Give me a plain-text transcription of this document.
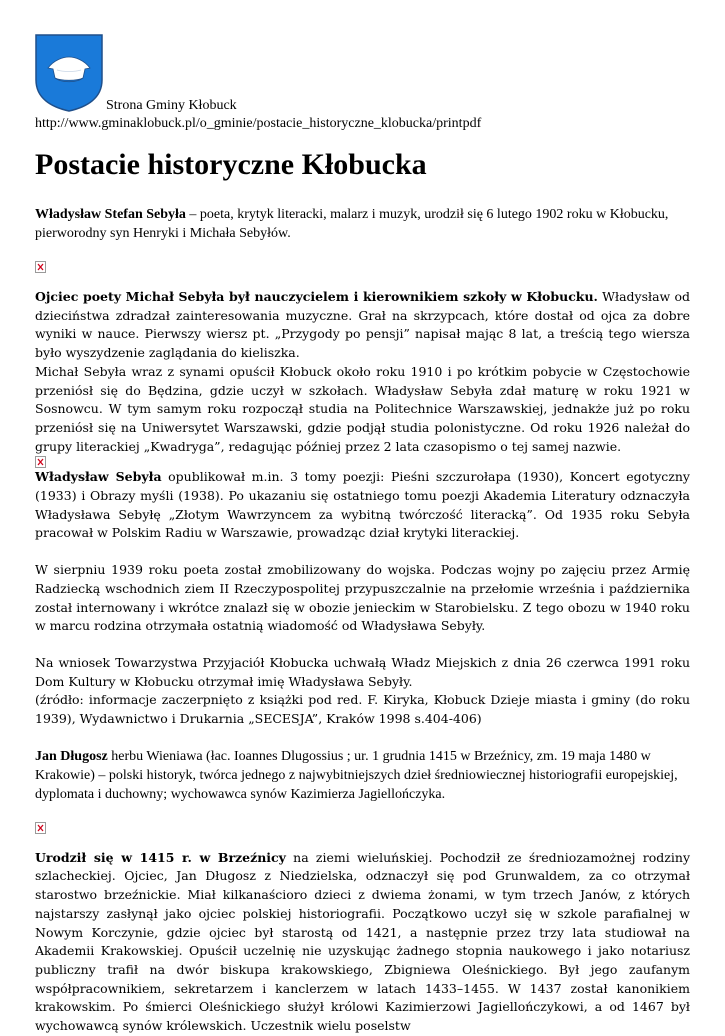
Strona Gminy Kłobuck
http://www.gminaklobuck.pl/o_gminie/postacie_historyczne_klobucka/printpdf
Postacie historyczne Kłobucka

Władysław Stefan Sebyła – poeta, krytyk literacki, malarz i muzyk, urodził się 6 lutego 1902 roku w Kłobucku, pierworodny syn Henryki i Michała Sebyłów.

Ojciec poety Michał Sebyła był nauczycielem i kierownikiem szkoły w Kłobucku. Władysław od dzieciństwa zdradzał zainteresowania muzyczne. Grał na skrzypcach, które dostał od ojca za dobre wyniki w nauce. Pierwszy wiersz pt. „Przygody po pensji” napisał mając 8 lat, a treścią tego wiersza było wyszydzenie zaglądania do kieliszka.

Michał Sebyła wraz z synami opuścił Kłobuck około roku 1910 i po krótkim pobycie w Częstochowie przeniósł się do Będzina, gdzie uczył w szkołach. Władysław Sebyła zdał maturę w roku 1921 w Sosnowcu. W tym samym roku rozpoczął studia na Politechnice Warszawskiej, jednakże już po roku przeniósł się na Uniwersytet Warszawski, gdzie podjął studia polonistyczne. Od roku 1926 należał do grupy literackiej „Kwadryga”, redagując później przez 2 lata czasopismo o tej samej nazwie.

Władysław Sebyła opublikował m.in. 3 tomy poezji: Pieśni szczurołapa (1930), Koncert egotyczny (1933) i Obrazy myśli (1938). Po ukazaniu się ostatniego tomu poezji Akademia Literatury odznaczyła Władysława Sebyłę „Złotym Wawrzyncem za wybitną twórczość literacką”. Od 1935 roku Sebyła pracował w Polskim Radiu w Warszawie, prowadząc dział krytyki literackiej.

W sierpniu 1939 roku poeta został zmobilizowany do wojska. Podczas wojny po zajęciu przez Armię Radziecką wschodnich ziem II Rzeczypospolitej przypuszczalnie na przełomie września i października został internowany i wkrótce znalazł się w obozie jenieckim w Starobielsku. Z tego obozu w 1940 roku w marcu rodzina otrzymała ostatnią wiadomość od Władysława Sebyły.

Na wniosek Towarzystwa Przyjaciół Kłobucka uchwałą Władz Miejskich z dnia 26 czerwca 1991 roku Dom Kultury w Kłobucku otrzymał imię Władysława Sebyły.

(źródło: informacje zaczerpnięto z książki pod red. F. Kiryka, Kłobuck Dzieje miasta i gminy (do roku 1939), Wydawnictwo i Drukarnia „SECESJA”, Kraków 1998 s.404-406)

Jan Długosz herbu Wieniawa (łac. Ioannes Dlugossius ; ur. 1 grudnia 1415 w Brzeźnicy, zm. 19 maja 1480 w Krakowie) – polski historyk, twórca jednego z najwybitniejszych dzieł średniowiecznej historiografii europejskiej, dyplomata i duchowny; wychowawca synów Kazimierza Jagiellończyka.

Urodził się w 1415 r. w Brzeźnicy na ziemi wieluńskiej. Pochodził ze średniozamożnej rodziny szlacheckiej. Ojciec, Jan Długosz z Niedzielska, odznaczył się pod Grunwaldem, za co otrzymał starostwo brzeźnickie. Miał kilkanaściorо dzieci z dwiema żonami, w tym trzech Janów, z których najstarszy zasłynął jako ojciec polskiej historiografii. Początkowo uczył się w szkole parafialnej w Nowym Korczynie, gdzie ojciec był starostą od 1421, a następnie przez trzy lata studiował na Akademii Krakowskiej. Opuścił uczelnię nie uzyskując żadnego stopnia naukowego i jako notariusz publiczny trafił na dwór biskupa krakowskiego, Zbigniewa Oleśnickiego. Był jego zaufanym współpracownikiem, sekretarzem i kanclerzem w latach 1433–1455. W 1437 został kanonikiem krakowskim. Po śmierci Oleśnickiego służył królowi Kazimierzowi Jagiellończykowi, a od 1467 był wychowawcą synów królewskich. Uczestnik wielu poselstw
